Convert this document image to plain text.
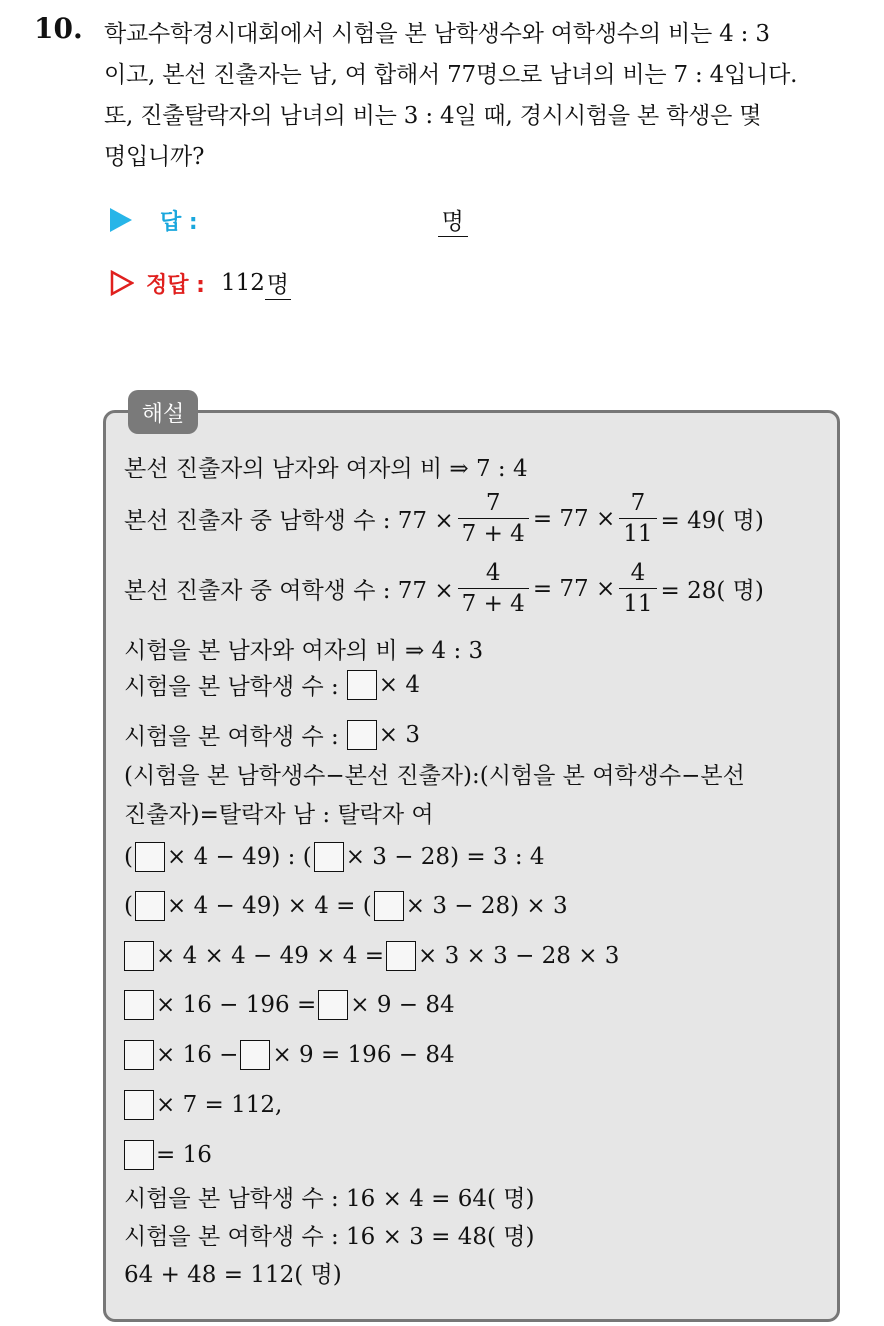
10. 학교수학경시대회에서 시험을 본 남학생수와 여학생수의 비는 4 : 3
이고, 본선 진출자는 남, 여 합해서 77명으로 남녀의 비는 7 : 4입니다.
또, 진출탈락자의 남녀의 비는 3 : 4일 때, 경시시험을 본 학생은 몇
명입니까?
답 :	명
정답 : 112 명
해설
본선 진출자의 남자와 여자의 비 ⇒ 7 : 4
본선 진출자 중 남학생 수 : $77 \times \frac{7}{7 + 4} = 77 \times \frac{7}{11} = 49$( 명)
본선 진출자 중 여학생 수 : $77 \times \frac{4}{7 + 4} = 77 \times \frac{4}{11} = 28$( 명)
시험을 본 남자와 여자의 비 ⇒ 4 : 3
시험을 본 남학생 수 : × 4
시험을 본 여학생 수 : × 3
(시험을 본 남학생수−본선 진출자):(시험을 본 여학생수−본선
진출자)=탈락자 남 : 탈락자 여
( × 4 − 49) : ( × 3 − 28) = 3 : 4
( × 4 − 49) × 4 = ( × 3 − 28) × 3
× 4 × 4 − 49 × 4 = × 3 × 3 − 28 × 3
× 16 − 196 = × 9 − 84
× 16 − × 9 = 196 − 84
× 7 = 112,
= 16
시험을 본 남학생 수 : 16 × 4 = 64( 명)
시험을 본 여학생 수 : 16 × 3 = 48( 명)
64 + 48 = 112( 명)
